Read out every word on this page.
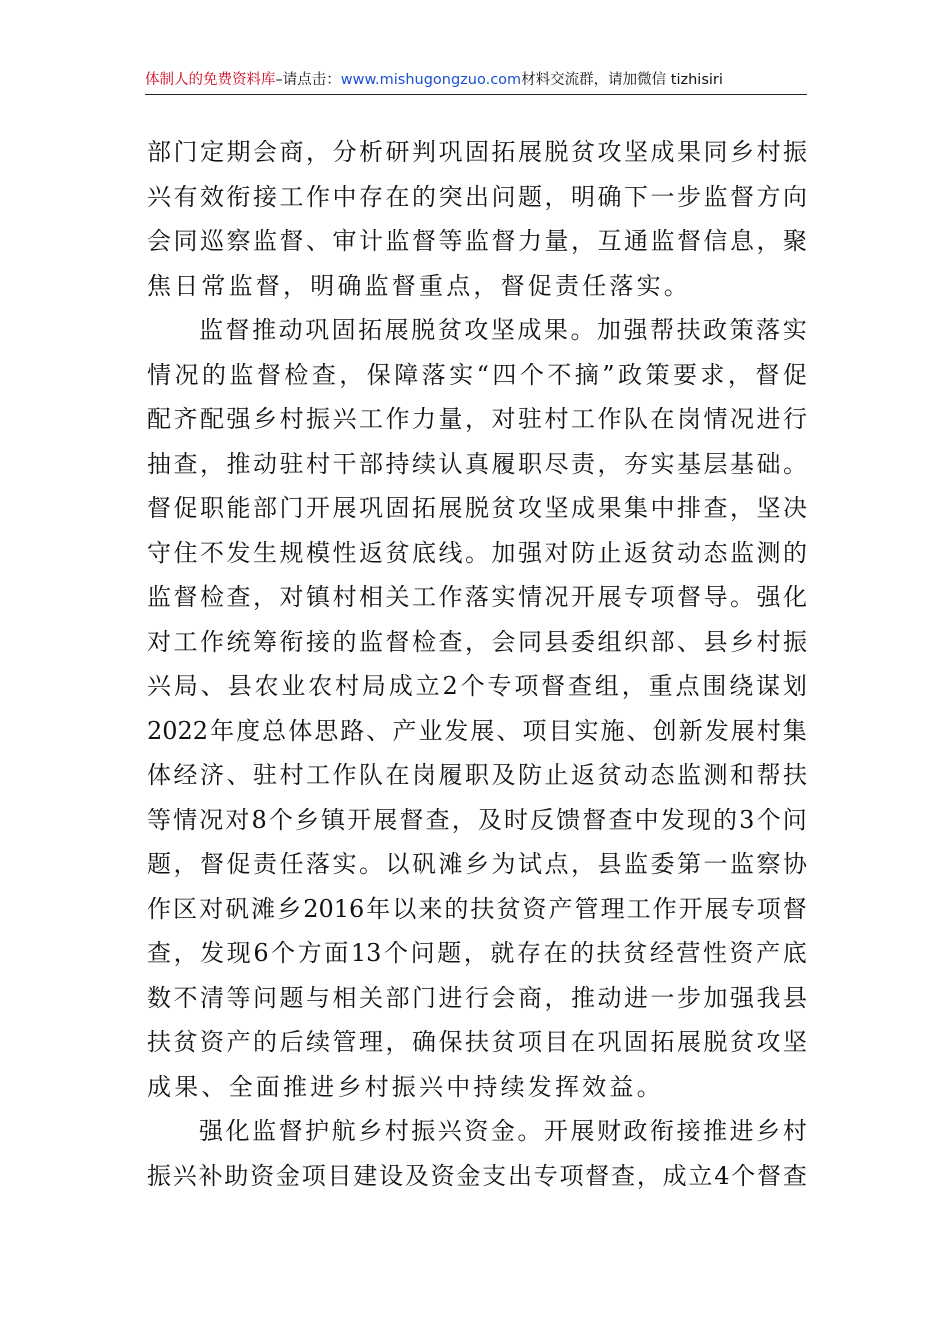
体制人的免费资料库–请点击：www.mishugongzuo.com材料交流群，请加微信 tizhisiri
部 门 定 期 会 商 ， 分 析 研 判 巩 固 拓 展 脱 贫 攻 坚 成 果 同 乡 村 振
兴 有 效 衔 接 工 作 中 存 在 的 突 出 问 题 ， 明 确 下 一 步 监 督 方 向
会 同 巡 察 监 督 、 审 计 监 督 等 监 督 力 量 ， 互 通 监 督 信 息 ， 聚
焦日常监督，明确监督重点，督促责任落实。
监 督 推 动 巩 固 拓 展 脱 贫 攻 坚 成 果 。 加 强 帮 扶 政 策 落 实
情 况 的 监 督 检 查 ， 保 障 落 实 “ 四 个 不 摘 ” 政 策 要 求 ， 督 促
配 齐 配 强 乡 村 振 兴 工 作 力 量 ， 对 驻 村 工 作 队 在 岗 情 况 进 行
抽 查 ， 推 动 驻 村 干 部 持 续 认 真 履 职 尽 责 ， 夯 实 基 层 基 础 。
督 促 职 能 部 门 开 展 巩 固 拓 展 脱 贫 攻 坚 成 果 集 中 排 查 ， 坚 决
守 住 不 发 生 规 模 性 返 贫 底 线 。 加 强 对 防 止 返 贫 动 态 监 测 的
监 督 检 查 ， 对 镇 村 相 关 工 作 落 实 情 况 开 展 专 项 督 导 。 强 化
对 工 作 统 筹 衔 接 的 监 督 检 查 ， 会 同 县 委 组 织 部 、 县 乡 村 振
兴 局 、 县 农 业 农 村 局 成 立 2 个 专 项 督 查 组 ， 重 点 围 绕 谋 划
2022 年 度 总 体 思 路 、 产 业 发 展 、 项 目 实 施 、 创 新 发 展 村 集
体 经 济 、 驻 村 工 作 队 在 岗 履 职 及 防 止 返 贫 动 态 监 测 和 帮 扶
等 情 况 对 8 个 乡 镇 开 展 督 查 ， 及 时 反 馈 督 查 中 发 现 的 3 个 问
题 ， 督 促 责 任 落 实 。 以 矾 滩 乡 为 试 点 ， 县 监 委 第 一 监 察 协
作 区 对 矾 滩 乡 2016 年 以 来 的 扶 贫 资 产 管 理 工 作 开 展 专 项 督
查 ， 发 现 6 个 方 面 13 个 问 题 ， 就 存 在 的 扶 贫 经 营 性 资 产 底
数 不 清 等 问 题 与 相 关 部 门 进 行 会 商 ， 推 动 进 一 步 加 强 我 县
扶 贫 资 产 的 后 续 管 理 ， 确 保 扶 贫 项 目 在 巩 固 拓 展 脱 贫 攻 坚
成果、全面推进乡村振兴中持续发挥效益。
强 化 监 督 护 航 乡 村 振 兴 资 金 。 开 展 财 政 衔 接 推 进 乡 村
振 兴 补 助 资 金 项 目 建 设 及 资 金 支 出 专 项 督 查 ， 成 立 4 个 督 查
